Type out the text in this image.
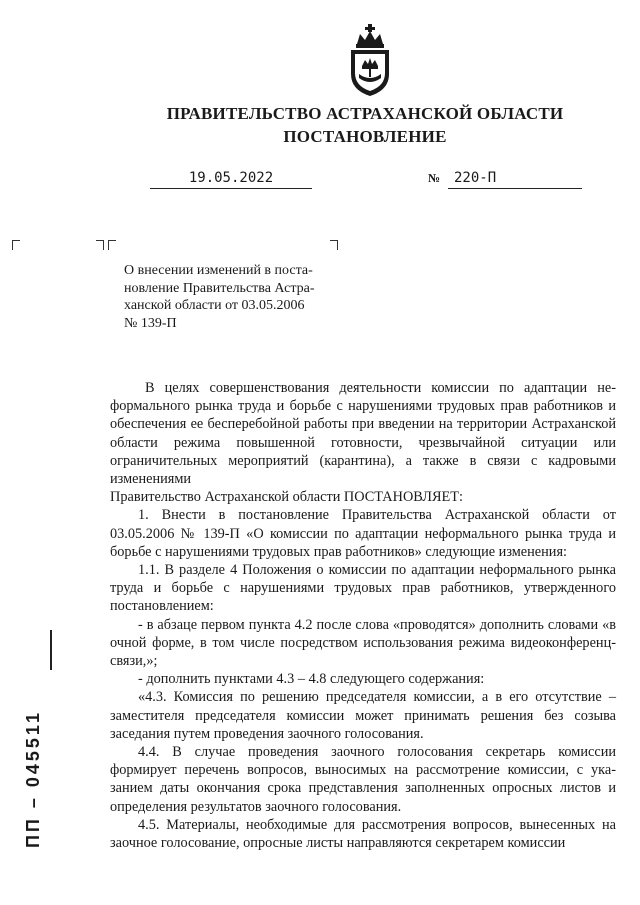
ПРАВИТЕЛЬСТВО АСТРАХАНСКОЙ ОБЛАСТИ
ПОСТАНОВЛЕНИЕ
19.05.2022	№ 220-П
О внесении изменений в поста-
новление Правительства Астра-
ханской области от 03.05.2006
№ 139-П

В целях совершенствования деятельности комиссии по адаптации неформального рынка труда и борьбе с нарушениями трудовых прав работников и обеспечения ее бесперебойной работы при введении на территории Астраханской области режима повышенной готовности, чрезвычайной ситуации или ограничительных мероприятий (карантина), а также в связи с кадровыми изменениями

Правительство Астраханской области ПОСТАНОВЛЯЕТ:

1. Внести в постановление Правительства Астраханской области от 03.05.2006 № 139-П «О комиссии по адаптации неформального рынка труда и борьбе с нарушениями трудовых прав работников» следующие изменения:

1.1. В разделе 4 Положения о комиссии по адаптации неформального рынка труда и борьбе с нарушениями трудовых прав работников, утвержденного постановлением:

- в абзаце первом пункта 4.2 после слова «проводятся» дополнить словами «в очной форме, в том числе посредством использования режима видеоконференц-связи,»;

- дополнить пунктами 4.3 – 4.8 следующего содержания:

«4.3. Комиссия по решению председателя комиссии, а в его отсутствие – заместителя председателя комиссии может принимать решения без созыва заседания путем проведения заочного голосования.

4.4. В случае проведения заочного голосования секретарь комиссии формирует перечень вопросов, выносимых на рассмотрение комиссии, с указанием даты окончания срока представления заполненных опросных листов и определения результатов заочного голосования.

4.5. Материалы, необходимые для рассмотрения вопросов, вынесенных на заочное голосование, опросные листы направляются секретарем комиссии

ПП – 045511
